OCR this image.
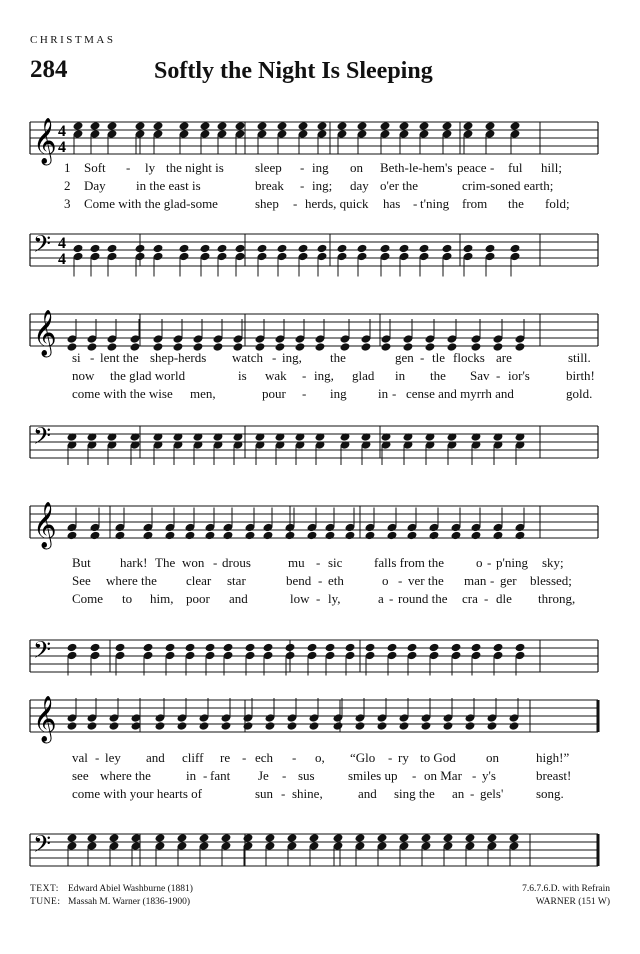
CHRISTMAS
284	Softly the Night Is Sleeping
𝄞 4
4
1 Soft - ly the night is sleep - ing on Beth-le-hem's peace - ful hill;
2 Day in the east is	break - ing; day o'er the	crim-soned earth;
3 Come with the glad-some	shep - herds, quick has - t'ning from the fold;
𝄢 4
4
𝄞
si - lent the shep-herds watch - ing, the	gen - tle flocks are	still.
now the glad world	is wak - ing, glad in the Sav - ior's	birth!
come with the wise men,	pour - ing in - cense and myrrh and	gold.
𝄢
𝄞
But hark! The won - drous	mu - sic falls from the o - p'ning sky;
See where the clear star	bend - eth	o - ver the man - ger blessed;
Come to him, poor and	low - ly,	a - round the cra - dle throng,
𝄢
𝄞
val - ley and cliff re - ech - o, “Glo - ry to God on	high!”
see where the	in - fant Je - sus	smiles up - on Mar - y's	breast!
come with your hearts of	sun - shine,	and sing the an - gels'	song.
𝄢
TEXT: Edward Abiel Washburne (1881)	7.6.7.6.D. with Refrain
TUNE: Massah M. Warner (1836-1900)	WARNER (151 W)
